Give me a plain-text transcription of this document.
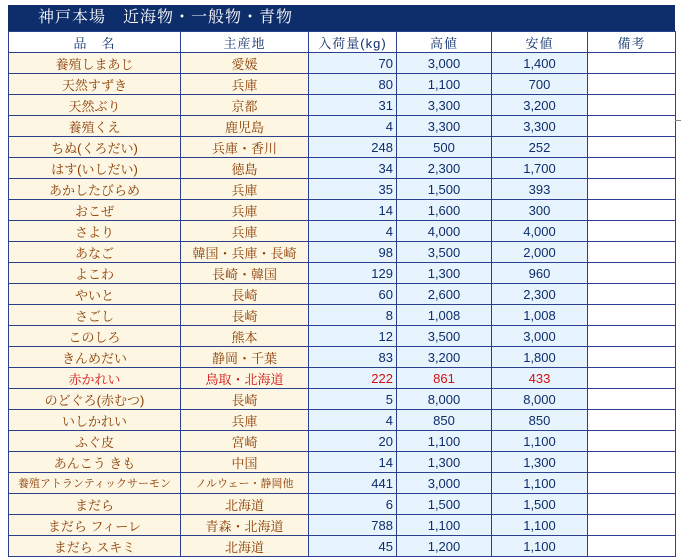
神戸本場　近海物・一般物・青物
品　名	主産地	入荷量(kg)	高値	安値	備考
養殖しまあじ	愛媛	70	3,000	1,400	
天然すずき	兵庫	80	1,100	700	
天然ぶり	京都	31	3,300	3,200	
養殖くえ	鹿児島	4	3,300	3,300	
ちぬ(くろだい)	兵庫・香川	248	500	252	
はす(いしだい)	徳島	34	2,300	1,700	
あかしたびらめ	兵庫	35	1,500	393	
おこぜ	兵庫	14	1,600	300	
さより	兵庫	4	4,000	4,000	
あなご	韓国・兵庫・長崎	98	3,500	2,000	
よこわ	長崎・韓国	129	1,300	960	
やいと	長崎	60	2,600	2,300	
さごし	長崎	8	1,008	1,008	
このしろ	熊本	12	3,500	3,000	
きんめだい	静岡・千葉	83	3,200	1,800	
赤かれい	鳥取・北海道	222	861	433	
のどぐろ(赤むつ)	長崎	5	8,000	8,000	
いしかれい	兵庫	4	850	850	
ふぐ皮	宮崎	20	1,100	1,100	
あんこう きも	中国	14	1,300	1,300	
養殖アトランティックサーモン	ノルウェー・静岡他	441	3,000	1,100	
まだら	北海道	6	1,500	1,500	
まだら フィーレ	青森・北海道	788	1,100	1,100	
まだら スキミ	北海道	45	1,200	1,100	
